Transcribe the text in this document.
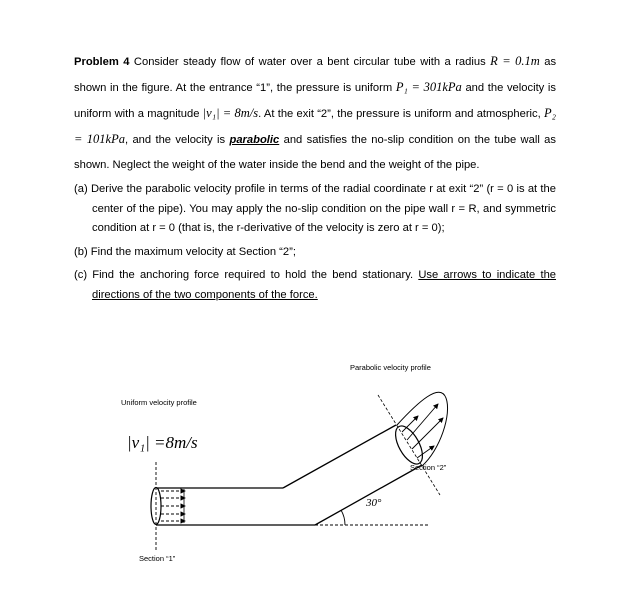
Problem 4 Consider steady flow of water over a bent circular tube with a radius R = 0.1m as shown in the figure. At the entrance “1”, the pressure is uniform P₁ = 301kPa and the velocity is uniform with a magnitude |v₁| = 8m/s. At the exit “2”, the pressure is uniform and atmospheric, P₂ = 101kPa, and the velocity is parabolic and satisfies the no-slip condition on the tube wall as shown. Neglect the weight of the water inside the bend and the weight of the pipe.

(a) Derive the parabolic velocity profile in terms of the radial coordinate r at exit “2” (r = 0 is at the center of the pipe). You may apply the no-slip condition on the pipe wall r = R, and symmetric condition at r = 0 (that is, the r-derivative of the velocity is zero at r = 0);

(b) Find the maximum velocity at Section “2”;

(c) Find the anchoring force required to hold the bend stationary. Use arrows to indicate the directions of the two components of the force.

Parabolic velocity profile
Uniform velocity profile
|v₁| =8m/s
Section “2”
Section “1”
30°
